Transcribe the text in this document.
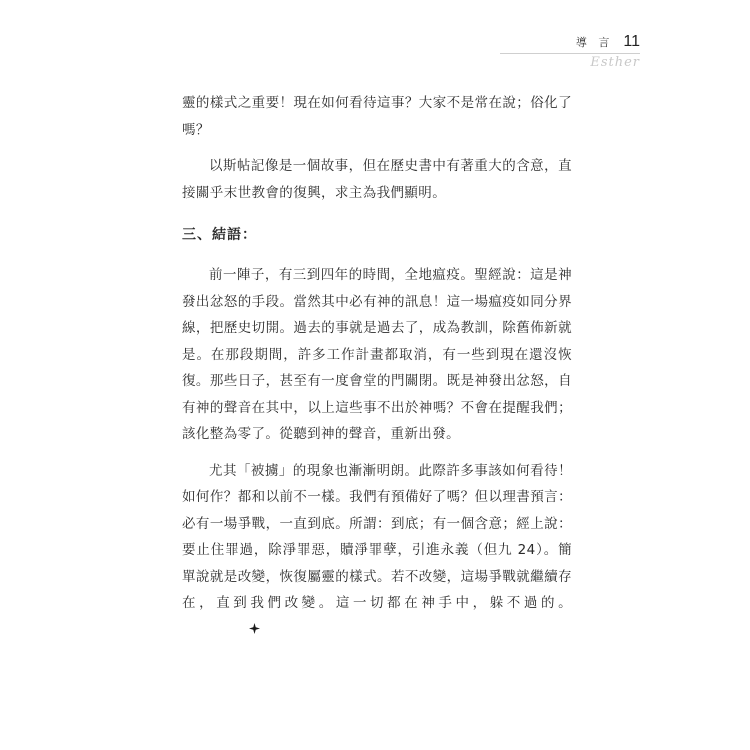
導 言 11
Esther

靈的樣式之重要！現在如何看待這事？大家不是常在說；俗化了嗎？

以斯帖記像是一個故事，但在歷史書中有著重大的含意，直接關乎末世教會的復興，求主為我們顯明。

三、結語：

前一陣子，有三到四年的時間，全地瘟疫。聖經說：這是神發出忿怒的手段。當然其中必有神的訊息！這一場瘟疫如同分界線，把歷史切開。過去的事就是過去了，成為教訓，除舊佈新就是。在那段期間，許多工作計畫都取消，有一些到現在還沒恢復。那些日子，甚至有一度會堂的門關閉。既是神發出忿怒，自有神的聲音在其中，以上這些事不出於神嗎？不會在提醒我們；該化整為零了。從聽到神的聲音，重新出發。

尤其「被擄」的現象也漸漸明朗。此際許多事該如何看待！如何作？都和以前不一樣。我們有預備好了嗎？但以理書預言：必有一場爭戰，一直到底。所謂：到底；有一個含意；經上說：要止住罪過，除淨罪惡，贖淨罪孽，引進永義（但九 24）。簡單說就是改變，恢復屬靈的樣式。若不改變，這場爭戰就繼續存在，直到我們改變。這一切都在神手中，躲不過的。
